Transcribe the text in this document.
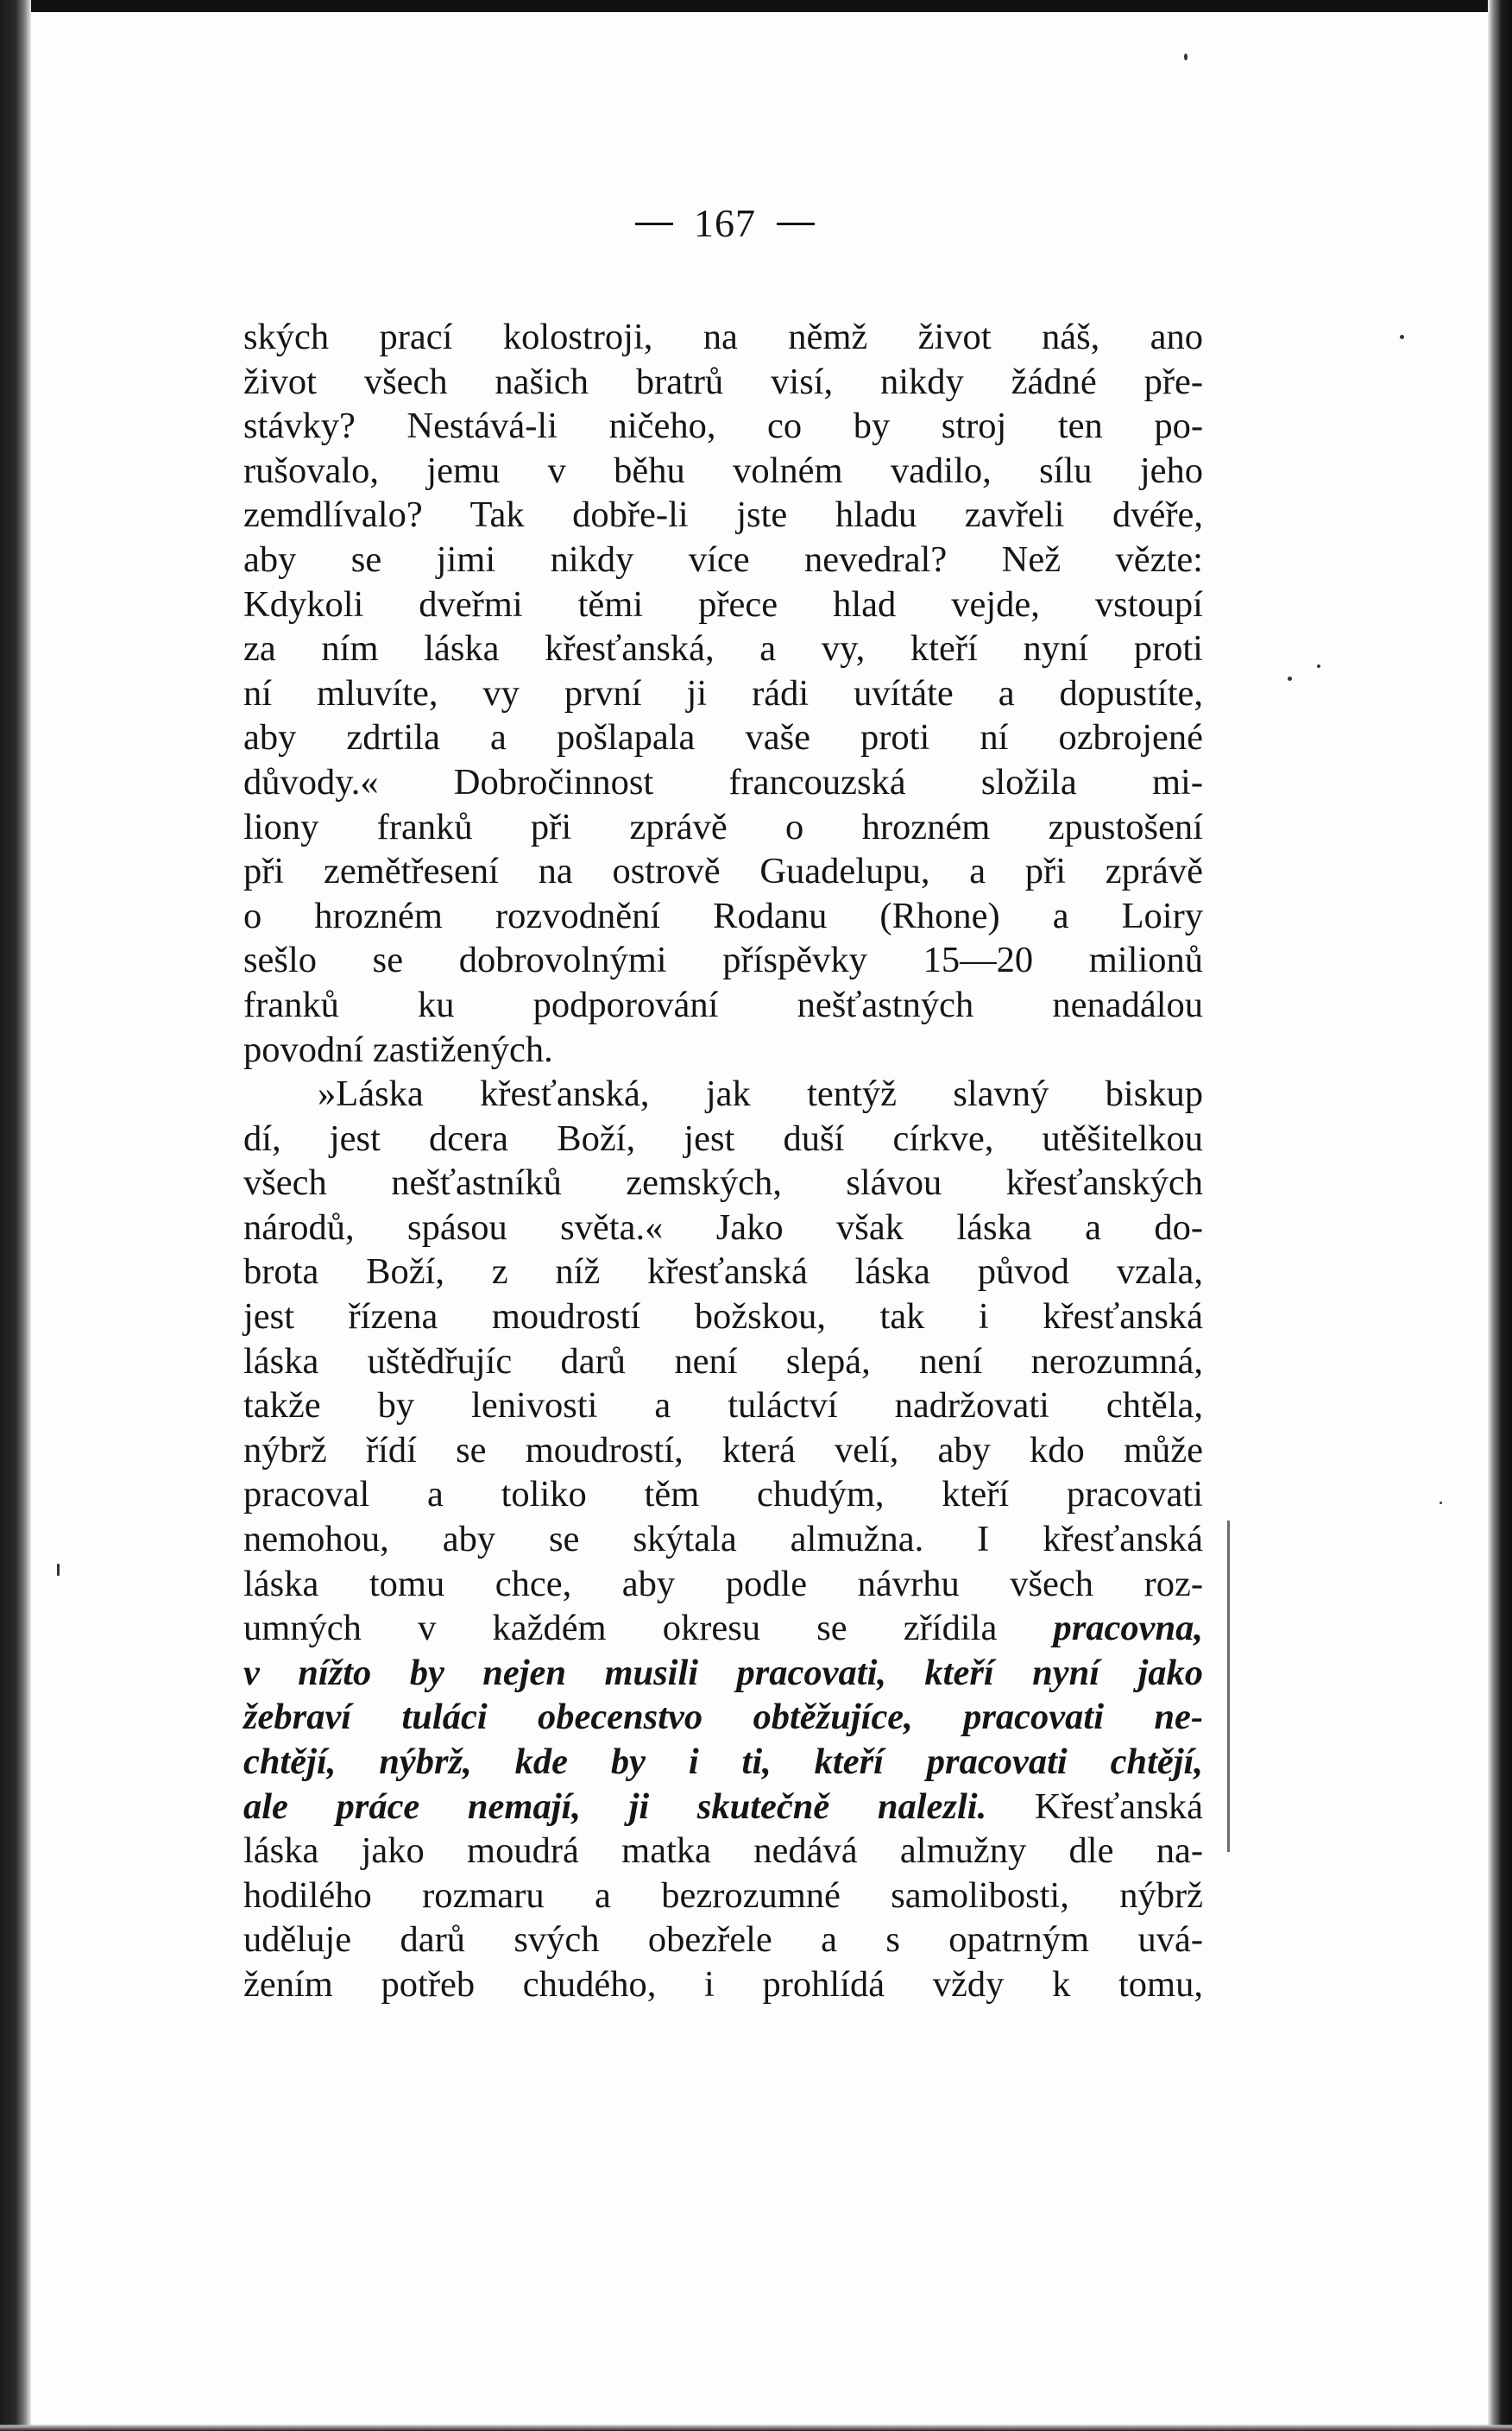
167
ských prací kolostroji, na němž život náš, ano
život všech našich bratrů visí, nikdy žádné pře-
stávky? Nestává-li ničeho, co by stroj ten po-
rušovalo, jemu v běhu volném vadilo, sílu jeho
zemdlívalo? Tak dobře-li jste hladu zavřeli dvéře,
aby se jimi nikdy více nevedral? Než vězte:
Kdykoli dveřmi těmi přece hlad vejde, vstoupí
za ním láska křesťanská, a vy, kteří nyní proti
ní mluvíte, vy první ji rádi uvítáte a dopustíte,
aby zdrtila a pošlapala vaše proti ní ozbrojené
důvody.« Dobročinnost francouzská složila mi-
liony franků při zprávě o hrozném zpustošení
při zemětřesení na ostrově Guadelupu, a při zprávě
o hrozném rozvodnění Rodanu (Rhone) a Loiry
sešlo se dobrovolnými příspěvky 15—20 milionů
franků ku podporování nešťastných nenadálou
povodní zastižených.
»Láska křesťanská, jak tentýž slavný biskup
dí, jest dcera Boží, jest duší církve, utěšitelkou
všech nešťastníků zemských, slávou křesťanských
národů, spásou světa.« Jako však láska a do-
brota Boží, z níž křesťanská láska původ vzala,
jest řízena moudrostí božskou, tak i křesťanská
láska uštědřujíc darů není slepá, není nerozumná,
takže by lenivosti a tuláctví nadržovati chtěla,
nýbrž řídí se moudrostí, která velí, aby kdo může
pracoval a toliko těm chudým, kteří pracovati
nemohou, aby se skýtala almužna. I křesťanská
láska tomu chce, aby podle návrhu všech roz-
umných v každém okresu se zřídila pracovna,
v nížto by nejen musili pracovati, kteří nyní jako
žebraví tuláci obecenstvo obtěžujíce, pracovati ne-
chtějí, nýbrž, kde by i ti, kteří pracovati chtějí,
ale práce nemají, ji skutečně nalezli. Křesťanská
láska jako moudrá matka nedává almužny dle na-
hodilého rozmaru a bezrozumné samolibosti, nýbrž
uděluje darů svých obezřele a s opatrným uvá-
žením potřeb chudého, i prohlídá vždy k tomu,
